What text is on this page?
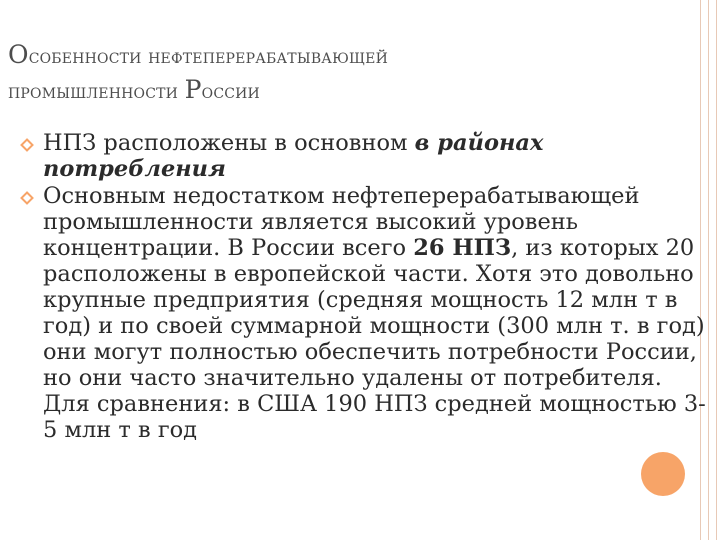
Особенности нефтеперерабатывающей
промышленности России

НПЗ расположены в основном в районах потребления

Основным недостатком нефтеперерабатывающей промышленности является высокий уровень концентрации. В России всего 26 НПЗ, из которых 20 расположены в европейской части. Хотя это довольно крупные предприятия (средняя мощность 12 млн т в год) и по своей суммарной мощности (300 млн т. в год) они могут полностью обеспечить потребности России, но они часто значительно удалены от потребителя. Для сравнения: в США 190 НПЗ средней мощностью 3-5 млн т в год
